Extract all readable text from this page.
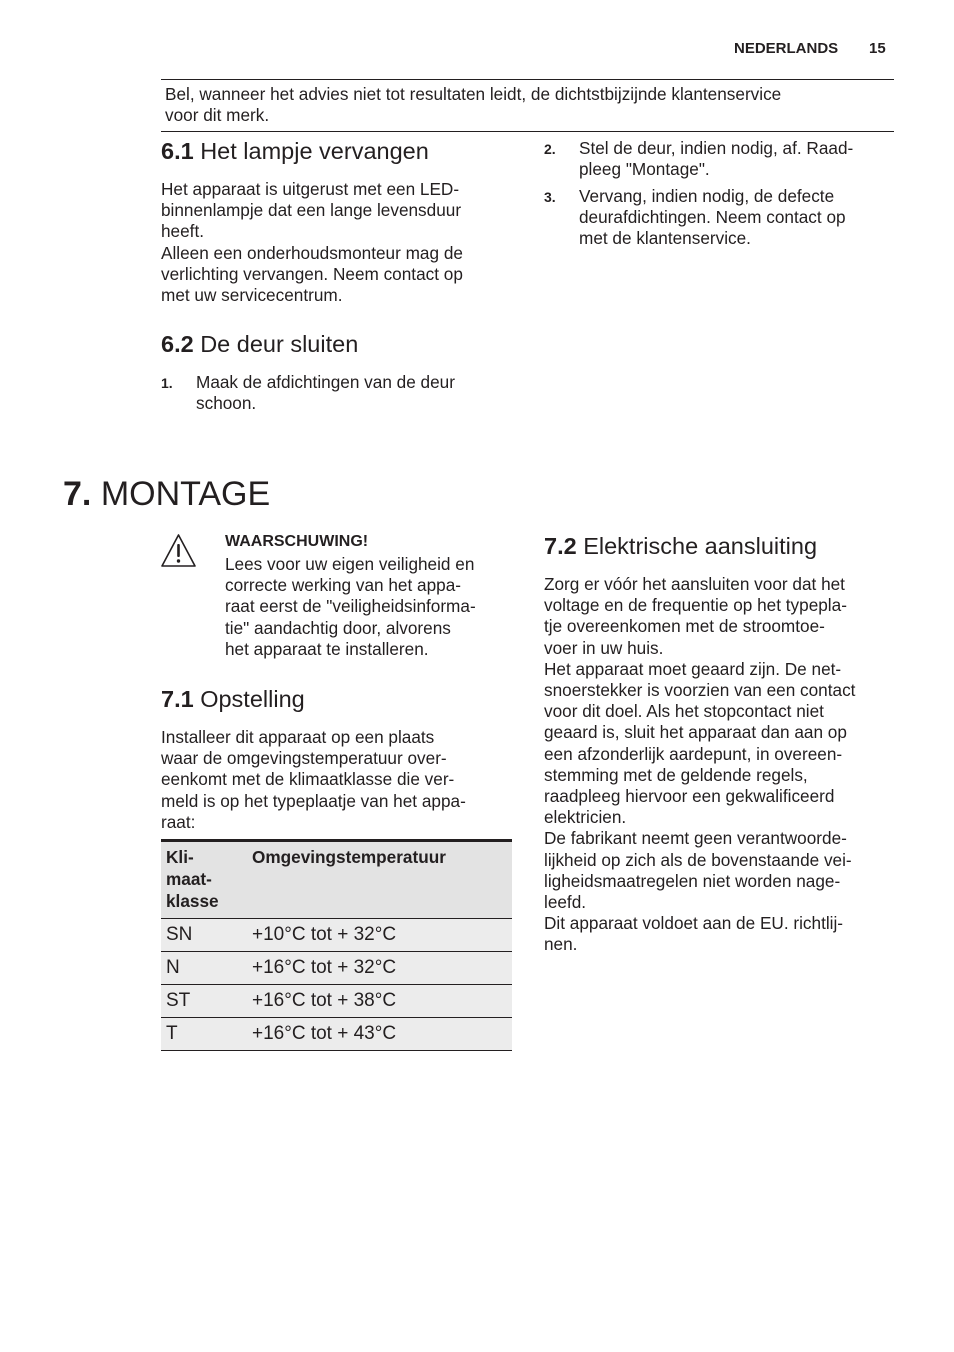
NEDERLANDS 15
Bel, wanneer het advies niet tot resultaten leidt, de dichtstbijzijnde klantenservice
voor dit merk.
6.1 Het lampje vervangen
Het apparaat is uitgerust met een LED-
binnenlampje dat een lange levensduur
heeft.
Alleen een onderhoudsmonteur mag de
verlichting vervangen. Neem contact op
met uw servicecentrum.
6.2 De deur sluiten
1. Maak de afdichtingen van de deur
schoon.
2. Stel de deur, indien nodig, af. Raad-
pleeg "Montage".
3. Vervang, indien nodig, de defecte
deurafdichtingen. Neem contact op
met de klantenservice.
7. MONTAGE
WAARSCHUWING!
Lees voor uw eigen veiligheid en
correcte werking van het appa-
raat eerst de "veiligheidsinforma-
tie" aandachtig door, alvorens
het apparaat te installeren.
7.1 Opstelling
Installeer dit apparaat op een plaats
waar de omgevingstemperatuur over-
eenkomt met de klimaatklasse die ver-
meld is op het typeplaatje van het appa-
raat:
Kli-
maat-
klasse	Omgevingstemperatuur
SN	+10°C tot + 32°C
N	+16°C tot + 32°C
ST	+16°C tot + 38°C
T	+16°C tot + 43°C
7.2 Elektrische aansluiting
Zorg er vóór het aansluiten voor dat het
voltage en de frequentie op het typepla-
tje overeenkomen met de stroomtoe-
voer in uw huis.
Het apparaat moet geaard zijn. De net-
snoerstekker is voorzien van een contact
voor dit doel. Als het stopcontact niet
geaard is, sluit het apparaat dan aan op
een afzonderlijk aardepunt, in overeen-
stemming met de geldende regels,
raadpleeg hiervoor een gekwalificeerd
elektricien.
De fabrikant neemt geen verantwoorde-
lijkheid op zich als de bovenstaande vei-
ligheidsmaatregelen niet worden nage-
leefd.
Dit apparaat voldoet aan de EU. richtlij-
nen.
